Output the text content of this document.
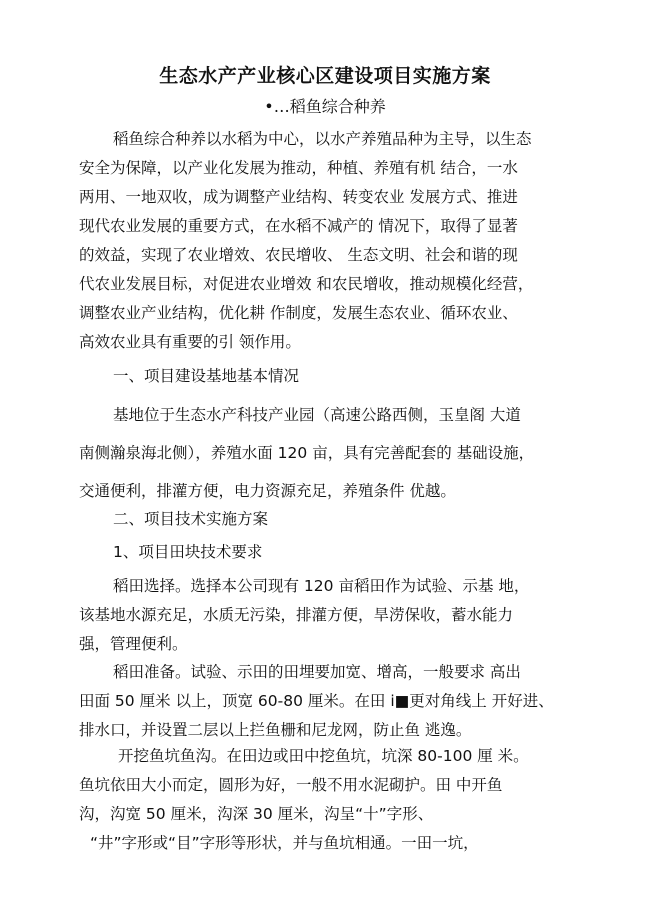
生态水产产业核心区建设项目实施方案
•…稻鱼综合种养
稻鱼综合种养以水稻为中心，以水产养殖品种为主导，以生态
安全为保障，以产业化发展为推动，种植、养殖有机 结合，一水
两用、一地双收，成为调整产业结构、转变农业 发展方式、推进
现代农业发展的重要方式，在水稻不减产的 情况下，取得了显著
的效益，实现了农业增效、农民增收、 生态文明、社会和谐的现
代农业发展目标，对促进农业增效 和农民增收，推动规模化经营，
调整农业产业结构，优化耕 作制度，发展生态农业、循环农业、
高效农业具有重要的引 领作用。
一、项目建设基地基本情况
基地位于生态水产科技产业园（高速公路西侧，玉皇阁 大道
南侧瀚泉海北侧），养殖水面 120 亩，具有完善配套的 基础设施，
交通便利，排灌方便，电力资源充足，养殖条件 优越。
二、项目技术实施方案
1、项目田块技术要求
稻田选择。选择本公司现有 120 亩稻田作为试验、示基 地，
该基地水源充足，水质无污染，排灌方便，旱涝保收，蓄水能力
强，管理便利。
稻田准备。试验、示田的田埋要加宽、增高，一般要求 高出
田面 50 厘米 以上，顶宽 60-80 厘米。在田 i■更对角线上 开好进、
排水口，并设置二层以上拦鱼栅和尼龙网，防止鱼 逃逸。
开挖鱼坑鱼沟。在田边或田中挖鱼坑，坑深 80-100 厘 米。
鱼坑依田大小而定，圆形为好，一般不用水泥砌护。田 中开鱼
沟，沟宽 50 厘米，沟深 30 厘米，沟呈“十”字形、
“井”字形或“目”字形等形状，并与鱼坑相通。一田一坑，
